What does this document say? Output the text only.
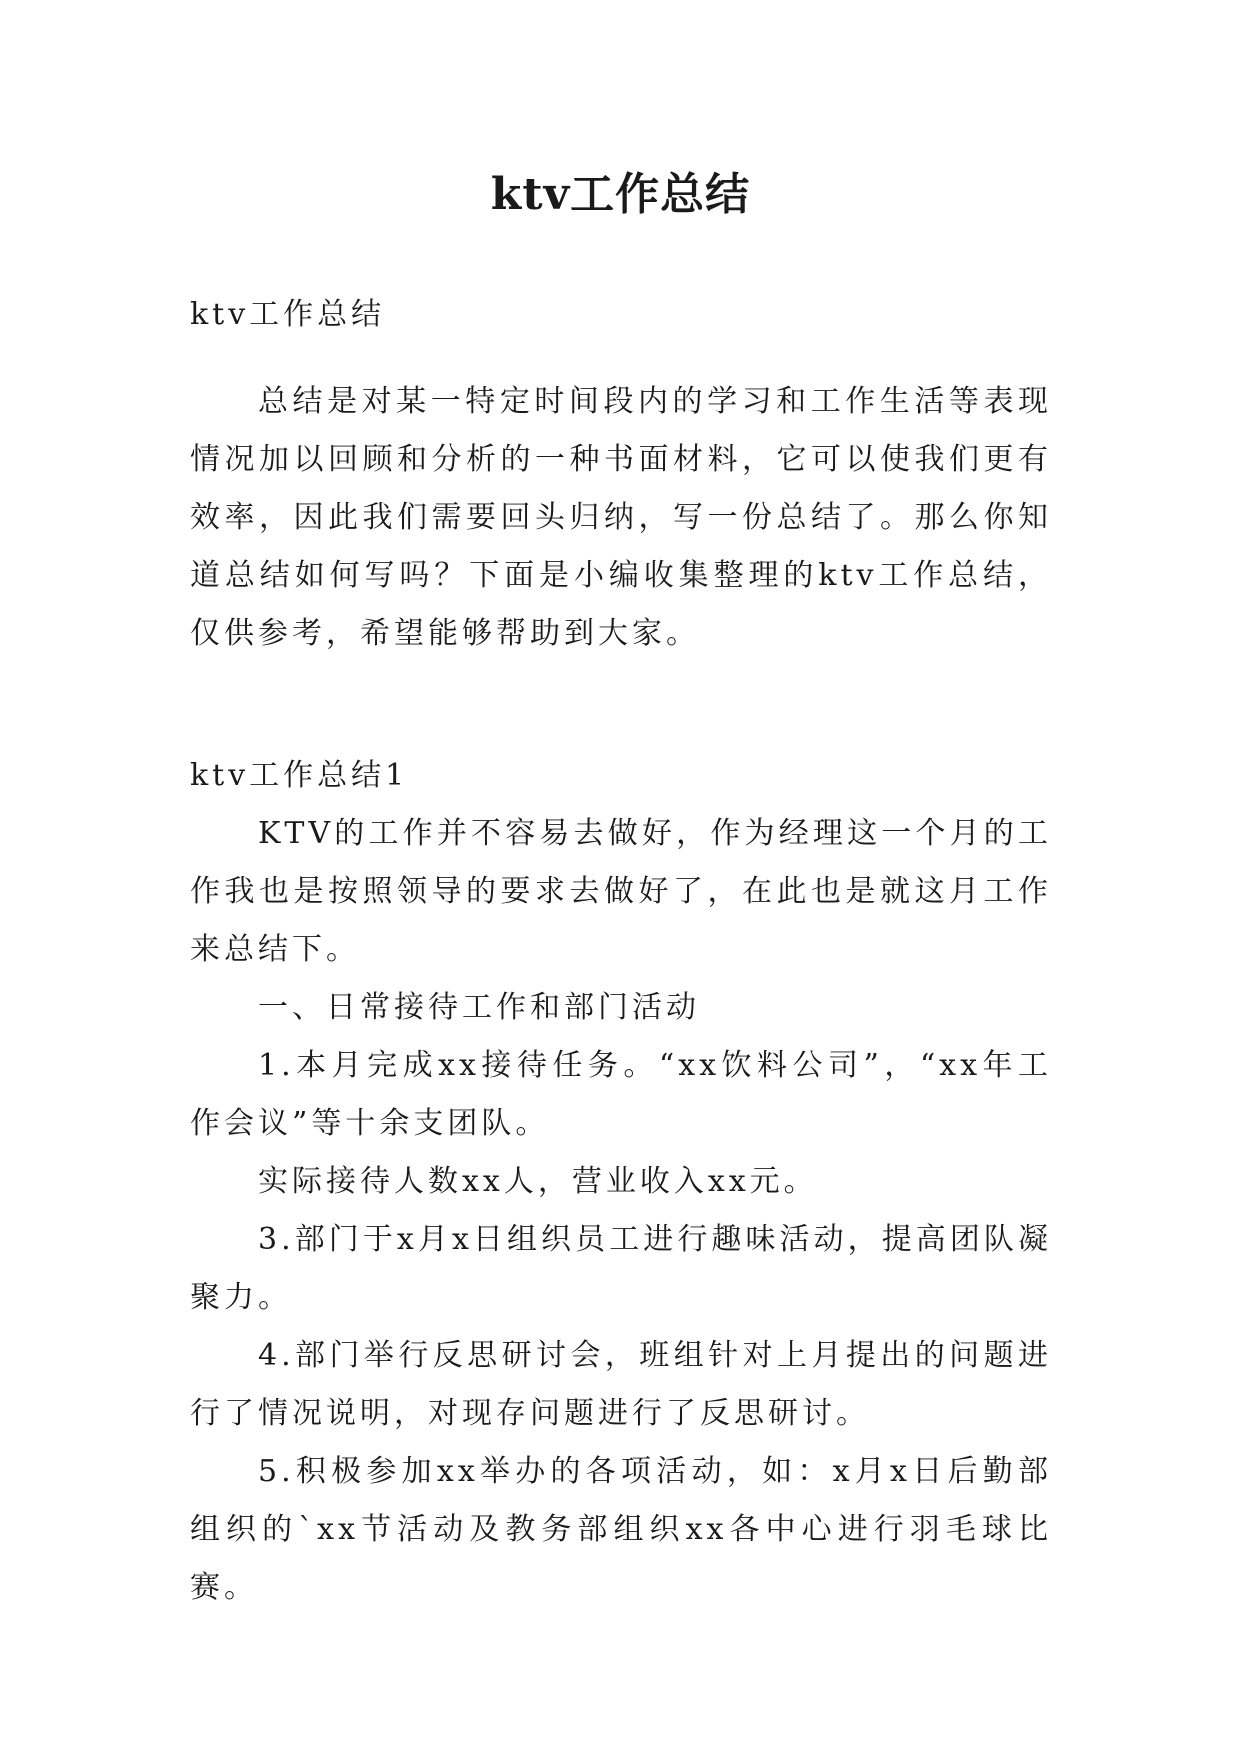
ktv工作总结
ktv工作总结
总结是对某一特定时间段内的学习和工作生活等表现情况加以回顾和分析的一种书面材料，它可以使我们更有效率，因此我们需要回头归纳，写一份总结了。那么你知道总结如何写吗？下面是小编收集整理的ktv工作总结，仅供参考，希望能够帮助到大家。
ktv工作总结1
KTV的工作并不容易去做好，作为经理这一个月的工作我也是按照领导的要求去做好了，在此也是就这月工作来总结下。
一、日常接待工作和部门活动
1.本月完成xx接待任务。“xx饮料公司”，“xx年工作会议”等十余支团队。
实际接待人数xx人，营业收入xx元。
3.部门于x月x日组织员工进行趣味活动，提高团队凝聚力。
4.部门举行反思研讨会，班组针对上月提出的问题进行了情况说明，对现存问题进行了反思研讨。
5.积极参加xx举办的各项活动，如：x月x日后勤部组织的`xx节活动及教务部组织xx各中心进行羽毛球比赛。
